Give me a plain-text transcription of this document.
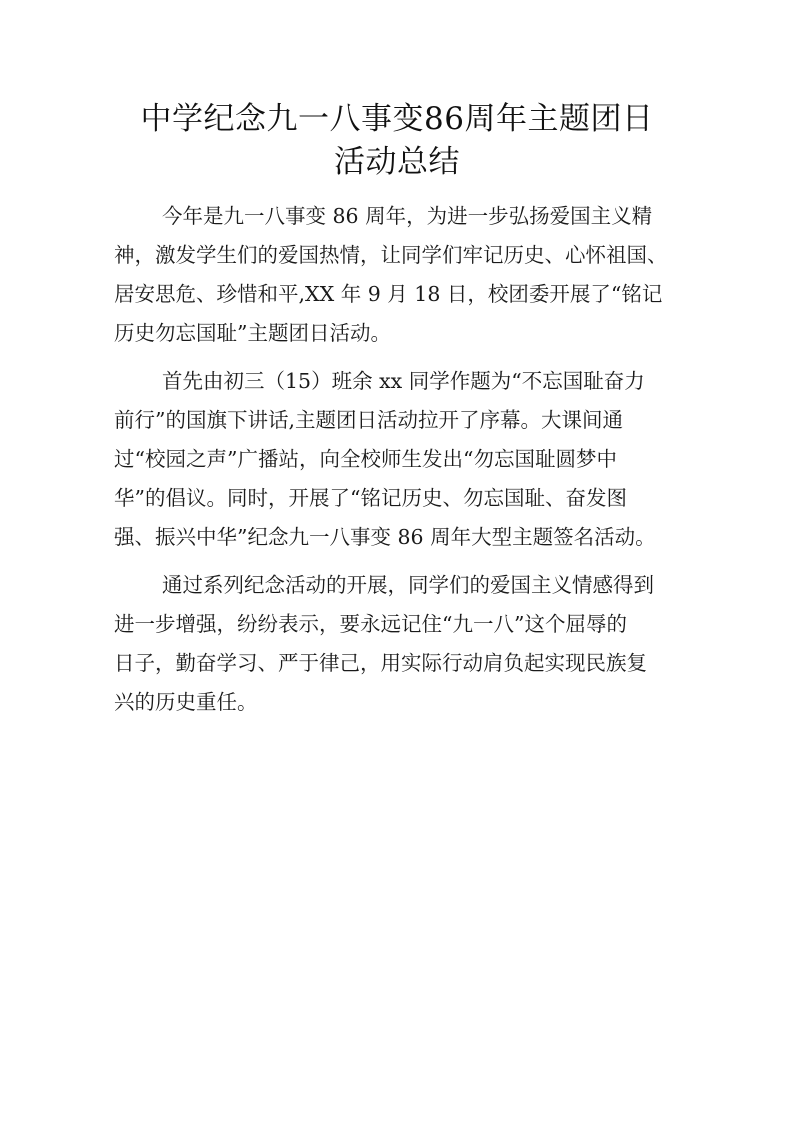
中学纪念九一八事变86周年主题团日
活动总结
今年是九一八事变 86 周年，为进一步弘扬爱国主义精
神，激发学生们的爱国热情，让同学们牢记历史、心怀祖国、
居安思危、珍惜和平,XX 年 9 月 18 日，校团委开展了“铭记
历史勿忘国耻”主题团日活动。
首先由初三（15）班余 xx 同学作题为“不忘国耻奋力
前行”的国旗下讲话,主题团日活动拉开了序幕。大课间通
过“校园之声”广播站，向全校师生发出“勿忘国耻圆梦中
华”的倡议。同时，开展了“铭记历史、勿忘国耻、奋发图
强、振兴中华”纪念九一八事变 86 周年大型主题签名活动。
通过系列纪念活动的开展，同学们的爱国主义情感得到
进一步增强，纷纷表示，要永远记住“九一八”这个屈辱的
日子，勤奋学习、严于律己，用实际行动肩负起实现民族复
兴的历史重任。
